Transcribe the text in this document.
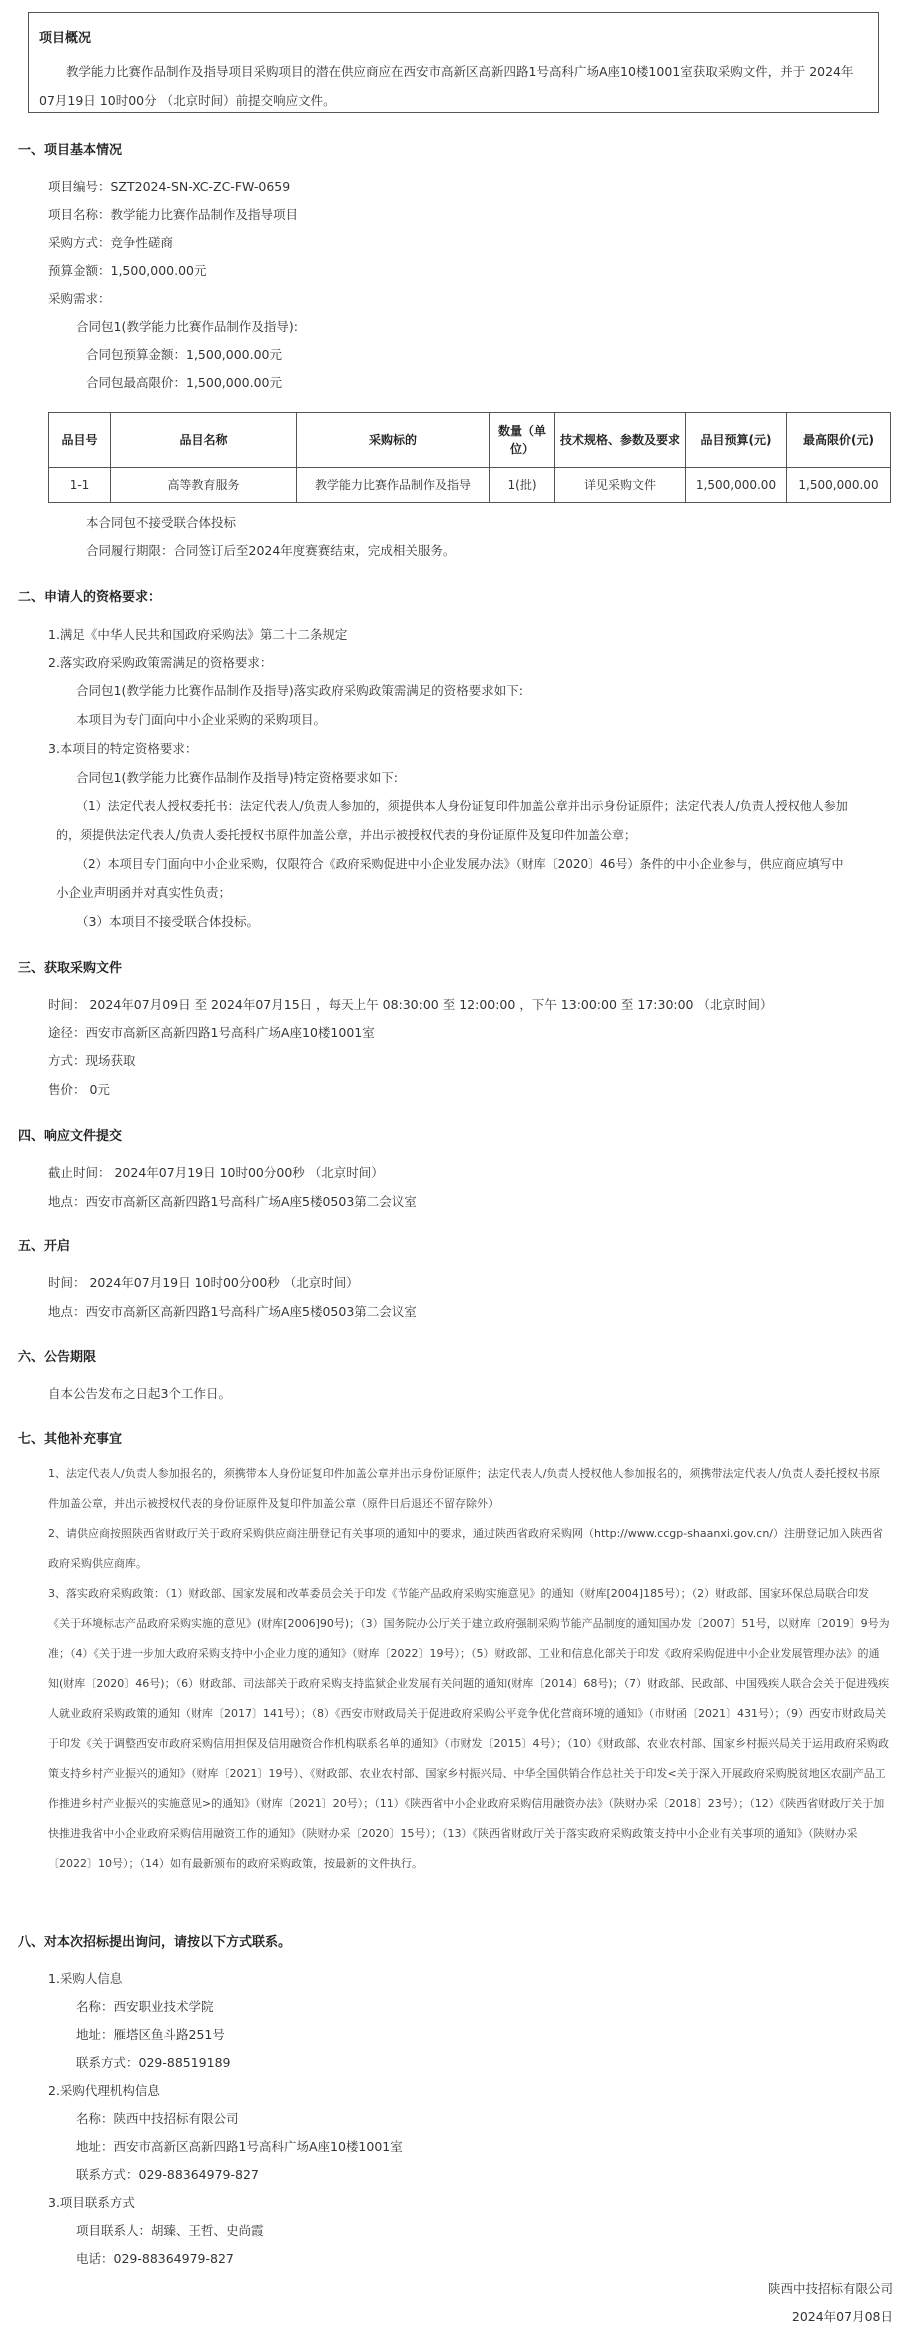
项目概况
教学能力比赛作品制作及指导项目采购项目的潜在供应商应在西安市高新区高新四路1号高科广场A座10楼1001室获取采购文件，并于 2024年07月19日 10时00分 （北京时间）前提交响应文件。
一、项目基本情况
项目编号：SZT2024-SN-XC-ZC-FW-0659
项目名称：教学能力比赛作品制作及指导项目
采购方式：竞争性磋商
预算金额：1,500,000.00元
采购需求：
合同包1(教学能力比赛作品制作及指导):
合同包预算金额：1,500,000.00元
合同包最高限价：1,500,000.00元
品目号	品目名称	采购标的	数量（单位）	技术规格、参数及要求	品目预算(元)	最高限价(元)
1-1	高等教育服务	教学能力比赛作品制作及指导	1(批)	详见采购文件	1,500,000.00	1,500,000.00
本合同包不接受联合体投标
合同履行期限：合同签订后至2024年度赛赛结束，完成相关服务。
二、申请人的资格要求：
1.满足《中华人民共和国政府采购法》第二十二条规定
2.落实政府采购政策需满足的资格要求：
合同包1(教学能力比赛作品制作及指导)落实政府采购政策需满足的资格要求如下:
本项目为专门面向中小企业采购的采购项目。
3.本项目的特定资格要求：
合同包1(教学能力比赛作品制作及指导)特定资格要求如下:
（1）法定代表人授权委托书：法定代表人/负责人参加的，须提供本人身份证复印件加盖公章并出示身份证原件；法定代表人/负责人授权他人参加
的，须提供法定代表人/负责人委托授权书原件加盖公章，并出示被授权代表的身份证原件及复印件加盖公章；
（2）本项目专门面向中小企业采购，仅限符合《政府采购促进中小企业发展办法》（财库〔2020〕46号）条件的中小企业参与，供应商应填写中
小企业声明函并对真实性负责；
（3）本项目不接受联合体投标。
三、获取采购文件
时间： 2024年07月09日 至 2024年07月15日 ，每天上午 08:30:00 至 12:00:00 ，下午 13:00:00 至 17:30:00 （北京时间）
途径：西安市高新区高新四路1号高科广场A座10楼1001室
方式：现场获取
售价： 0元
四、响应文件提交
截止时间： 2024年07月19日 10时00分00秒 （北京时间）
地点：西安市高新区高新四路1号高科广场A座5楼0503第二会议室
五、开启
时间： 2024年07月19日 10时00分00秒 （北京时间）
地点：西安市高新区高新四路1号高科广场A座5楼0503第二会议室
六、公告期限
自本公告发布之日起3个工作日。
七、其他补充事宜
1、法定代表人/负责人参加报名的，须携带本人身份证复印件加盖公章并出示身份证原件；法定代表人/负责人授权他人参加报名的，须携带法定代表人/负责人委托授权书原件加盖公章，并出示被授权代表的身份证原件及复印件加盖公章（原件日后退还不留存除外）
2、请供应商按照陕西省财政厅关于政府采购供应商注册登记有关事项的通知中的要求，通过陕西省政府采购网（http://www.ccgp-shaanxi.gov.cn/）注册登记加入陕西省政府采购供应商库。
3、落实政府采购政策：（1）财政部、国家发展和改革委员会关于印发《节能产品政府采购实施意见》的通知（财库[2004]185号）；（2）财政部、国家环保总局联合印发《关于环境标志产品政府采购实施的意见》(财库[2006]90号)；（3）国务院办公厅关于建立政府强制采购节能产品制度的通知国办发〔2007〕51号，以财库〔2019〕9号为准；（4）《关于进一步加大政府采购支持中小企业力度的通知》（财库〔2022〕19号）；（5）财政部、工业和信息化部关于印发《政府采购促进中小企业发展管理办法》的通知(财库〔2020〕46号)；（6）财政部、司法部关于政府采购支持监狱企业发展有关问题的通知(财库〔2014〕68号)；（7）财政部、民政部、中国残疾人联合会关于促进残疾人就业政府采购政策的通知（财库〔2017〕141号）；（8）《西安市财政局关于促进政府采购公平竞争优化营商环境的通知》（市财函〔2021〕431号）；（9）西安市财政局关于印发《关于调整西安市政府采购信用担保及信用融资合作机构联系名单的通知》（市财发〔2015〕4号）；（10）《财政部、农业农村部、国家乡村振兴局关于运用政府采购政策支持乡村产业振兴的通知》（财库〔2021〕19号）、《财政部、农业农村部、国家乡村振兴局、中华全国供销合作总社关于印发<关于深入开展政府采购脱贫地区农副产品工作推进乡村产业振兴的实施意见>的通知》（财库〔2021〕20号）；（11）《陕西省中小企业政府采购信用融资办法》（陕财办采〔2018〕23号）；（12）《陕西省财政厅关于加快推进我省中小企业政府采购信用融资工作的通知》（陕财办采〔2020〕15号）；（13）《陕西省财政厅关于落实政府采购政策支持中小企业有关事项的通知》（陕财办采〔2022〕10号）；（14）如有最新颁布的政府采购政策，按最新的文件执行。
八、对本次招标提出询问，请按以下方式联系。
1.采购人信息
名称：西安职业技术学院
地址：雁塔区鱼斗路251号
联系方式：029-88519189
2.采购代理机构信息
名称：陕西中技招标有限公司
地址：西安市高新区高新四路1号高科广场A座10楼1001室
联系方式：029-88364979-827
3.项目联系方式
项目联系人：胡臻、王哲、史尚霞
电话：029-88364979-827
陕西中技招标有限公司
2024年07月08日
